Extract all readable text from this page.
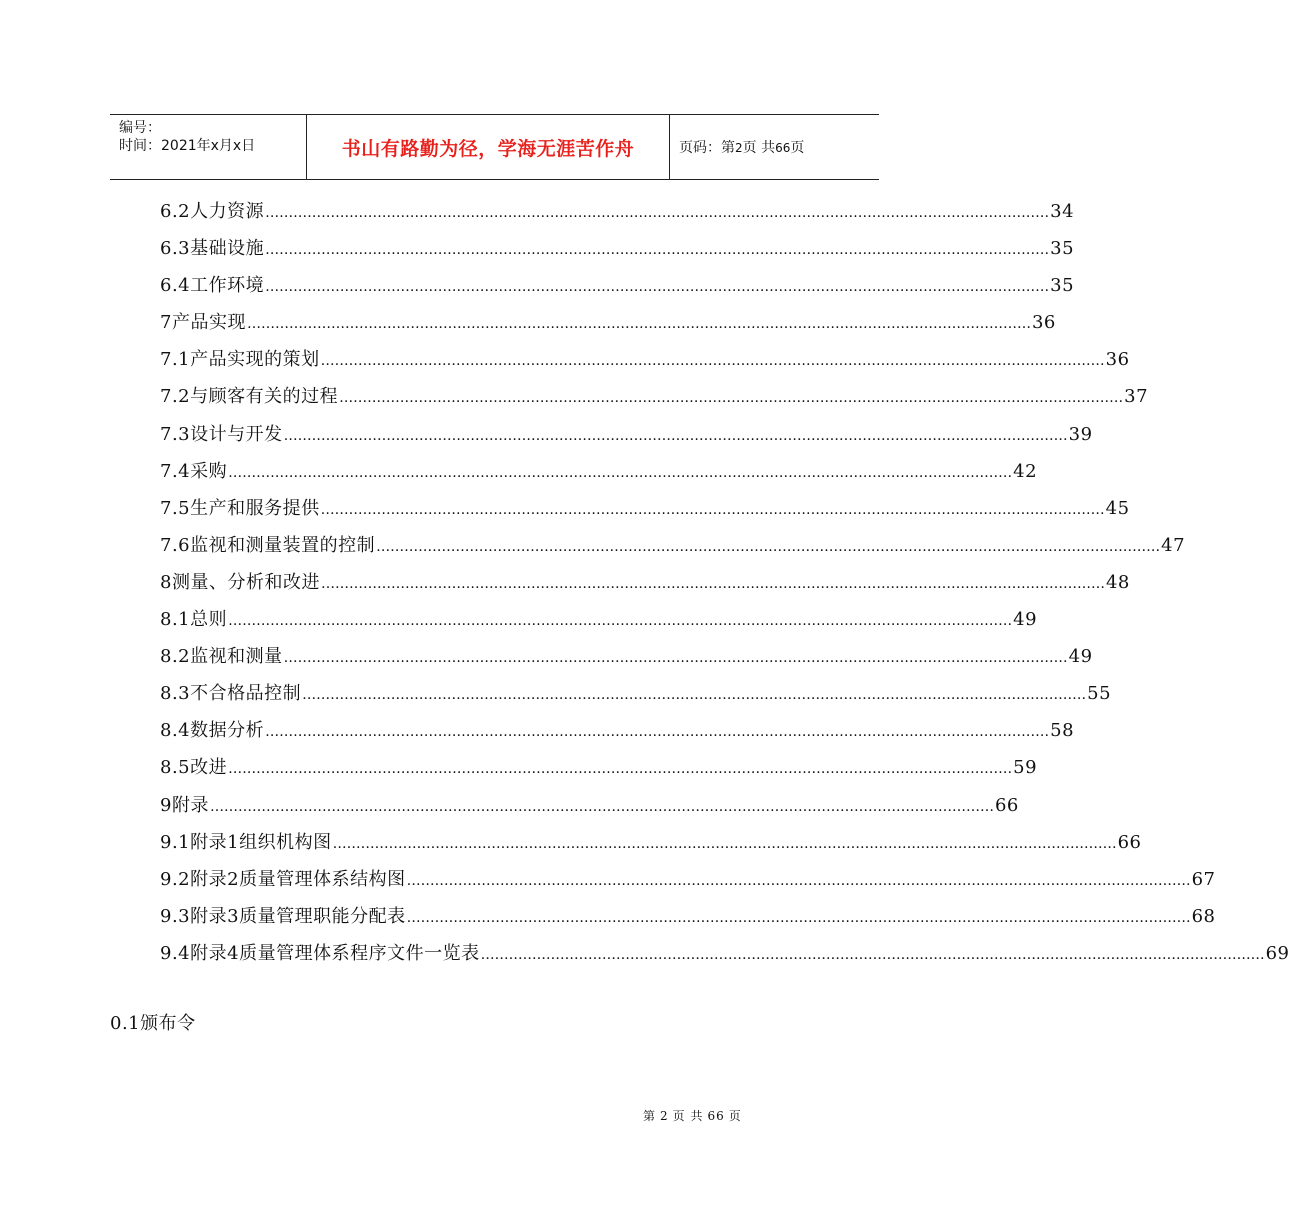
编号：
时间：2021年x月x日	书山有路勤为径，学海无涯苦作舟	页码：第2页 共66页
6.2人力资源 …………………………………………………………………………………………………………………………………………………… 34
6.3基础设施 …………………………………………………………………………………………………………………………………………………… 35
6.4工作环境 …………………………………………………………………………………………………………………………………………………… 35
7产品实现 …………………………………………………………………………………………………………………………………………………… 36
7.1产品实现的策划 …………………………………………………………………………………………………………………………………………………… 36
7.2与顾客有关的过程 …………………………………………………………………………………………………………………………………………………… 37
7.3设计与开发 …………………………………………………………………………………………………………………………………………………… 39
7.4采购 …………………………………………………………………………………………………………………………………………………… 42
7.5生产和服务提供 …………………………………………………………………………………………………………………………………………………… 45
7.6监视和测量装置的控制 …………………………………………………………………………………………………………………………………………………… 47
8测量、分析和改进 …………………………………………………………………………………………………………………………………………………… 48
8.1总则 …………………………………………………………………………………………………………………………………………………… 49
8.2监视和测量 …………………………………………………………………………………………………………………………………………………… 49
8.3不合格品控制 …………………………………………………………………………………………………………………………………………………… 55
8.4数据分析 …………………………………………………………………………………………………………………………………………………… 58
8.5改进 …………………………………………………………………………………………………………………………………………………… 59
9附录 …………………………………………………………………………………………………………………………………………………… 66
9.1附录1组织机构图 …………………………………………………………………………………………………………………………………………………… 66
9.2附录2质量管理体系结构图 …………………………………………………………………………………………………………………………………………………… 67
9.3附录3质量管理职能分配表 …………………………………………………………………………………………………………………………………………………… 68
9.4附录4质量管理体系程序文件一览表 …………………………………………………………………………………………………………………………………………………… 69
0.1颁布令
第 2 页 共 66 页
